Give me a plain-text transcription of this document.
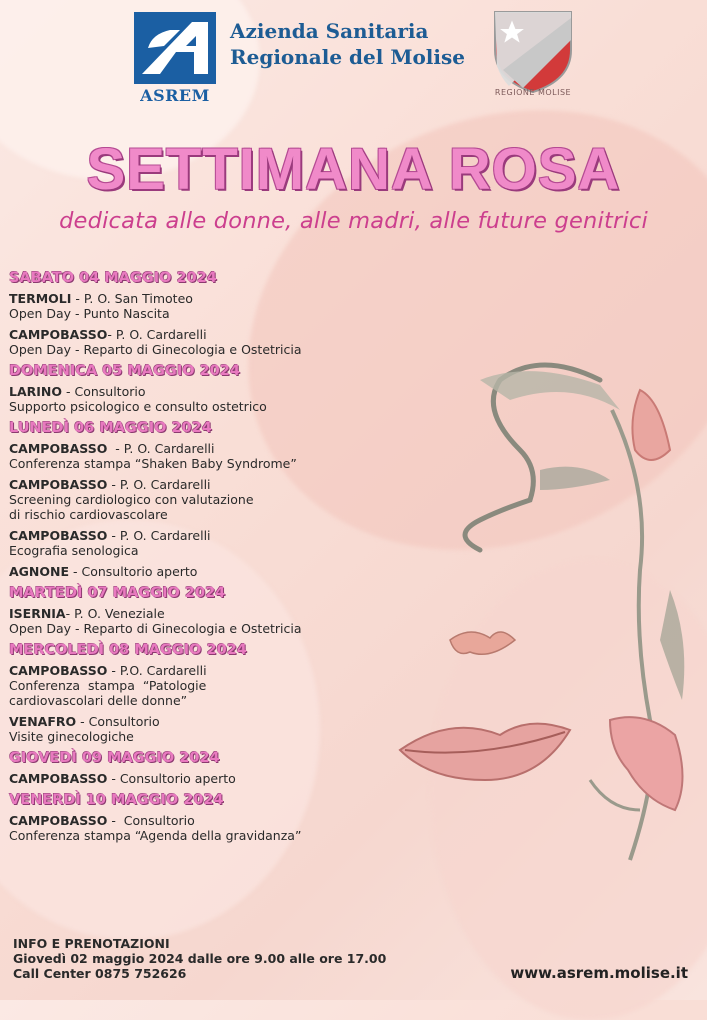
ASREM
Azienda Sanitaria
Regionale del Molise
REGIONE MOLISE
SETTIMANA ROSA
dedicata alle donne, alle madri, alle future genitrici
SABATO 04 MAGGIO 2024
TERMOLI - P. O. San Timoteo
Open Day - Punto Nascita
CAMPOBASSO- P. O. Cardarelli
Open Day - Reparto di Ginecologia e Ostetricia
DOMENICA 05 MAGGIO 2024
LARINO - Consultorio
Supporto psicologico e consulto ostetrico
LUNEDÌ 06 MAGGIO 2024
CAMPOBASSO  - P. O. Cardarelli
Conferenza stampa “Shaken Baby Syndrome”
CAMPOBASSO - P. O. Cardarelli
Screening cardiologico con valutazione
di rischio cardiovascolare
CAMPOBASSO - P. O. Cardarelli
Ecografia senologica
AGNONE - Consultorio aperto
MARTEDÌ 07 MAGGIO 2024
ISERNIA- P. O. Veneziale
Open Day - Reparto di Ginecologia e Ostetricia
MERCOLEDÌ 08 MAGGIO 2024
CAMPOBASSO - P.O. Cardarelli
Conferenza  stampa  “Patologie
cardiovascolari delle donne”
VENAFRO - Consultorio
Visite ginecologiche
GIOVEDÌ 09 MAGGIO 2024
CAMPOBASSO - Consultorio aperto
VENERDÌ 10 MAGGIO 2024
CAMPOBASSO -  Consultorio
Conferenza stampa “Agenda della gravidanza”
INFO E PRENOTAZIONI
Giovedì 02 maggio 2024 dalle ore 9.00 alle ore 17.00
Call Center 0875 752626	www.asrem.molise.it
